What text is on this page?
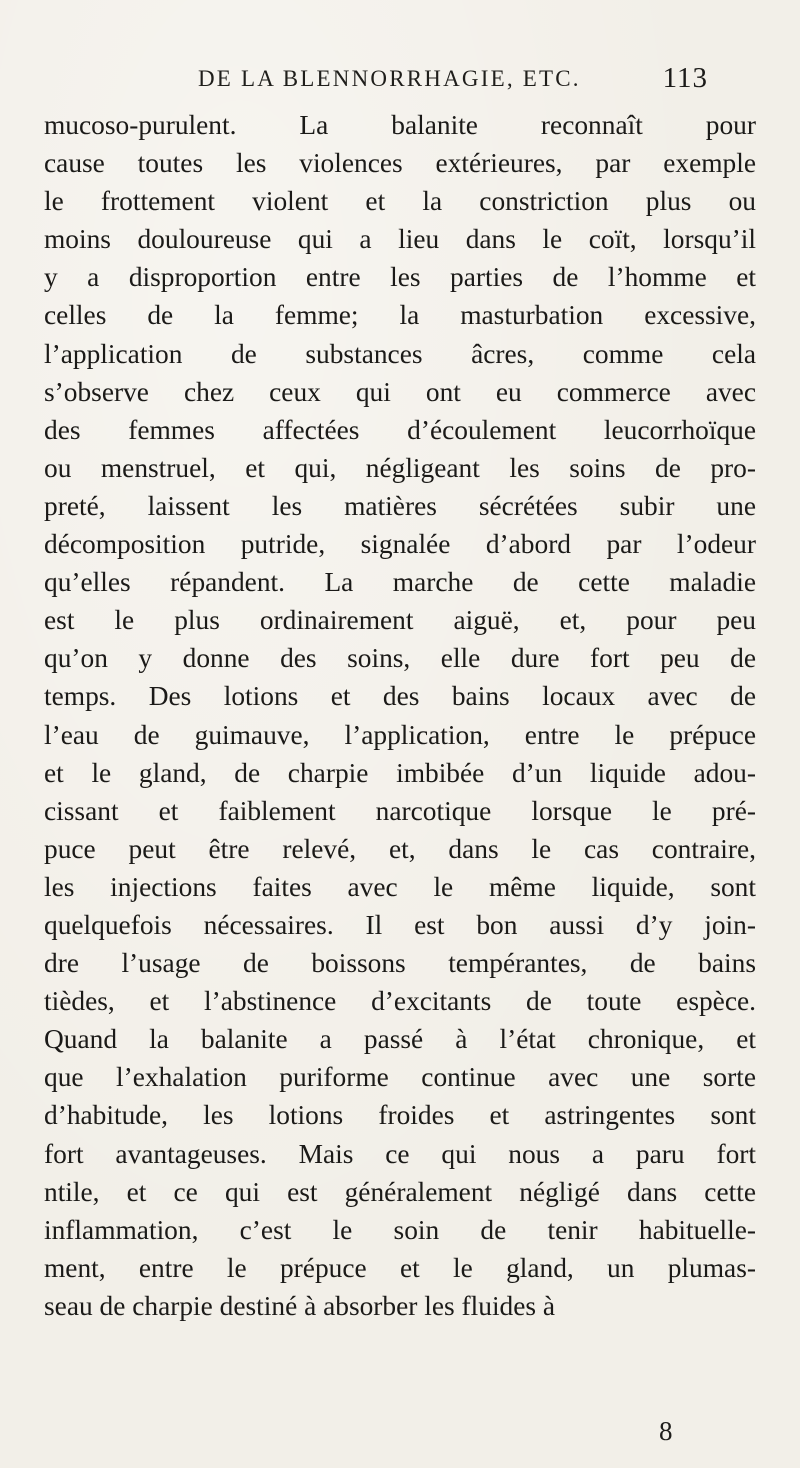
DE LA BLENNORRHAGIE, ETC.	113
mucoso-purulent. La balanite reconnaît pour
cause toutes les violences extérieures, par exemple
le frottement violent et la constriction plus ou
moins douloureuse qui a lieu dans le coït, lorsqu’il
y a disproportion entre les parties de l’homme et
celles de la femme; la masturbation excessive,
l’application de substances âcres, comme cela
s’observe chez ceux qui ont eu commerce avec
des femmes affectées d’écoulement leucorrhoïque
ou menstruel, et qui, négligeant les soins de pro-
preté, laissent les matières sécrétées subir une
décomposition putride, signalée d’abord par l’odeur
qu’elles répandent. La marche de cette maladie
est le plus ordinairement aiguë, et, pour peu
qu’on y donne des soins, elle dure fort peu de
temps. Des lotions et des bains locaux avec de
l’eau de guimauve, l’application, entre le prépuce
et le gland, de charpie imbibée d’un liquide adou-
cissant et faiblement narcotique lorsque le pré-
puce peut être relevé, et, dans le cas contraire,
les injections faites avec le même liquide, sont
quelquefois nécessaires. Il est bon aussi d’y join-
dre l’usage de boissons tempérantes, de bains
tièdes, et l’abstinence d’excitants de toute espèce.
Quand la balanite a passé à l’état chronique, et
que l’exhalation puriforme continue avec une sorte
d’habitude, les lotions froides et astringentes sont
fort avantageuses. Mais ce qui nous a paru fort
ntile, et ce qui est généralement négligé dans cette
inflammation, c’est le soin de tenir habituelle-
ment, entre le prépuce et le gland, un plumas-
seau de charpie destiné à absorber les fluides à
8
